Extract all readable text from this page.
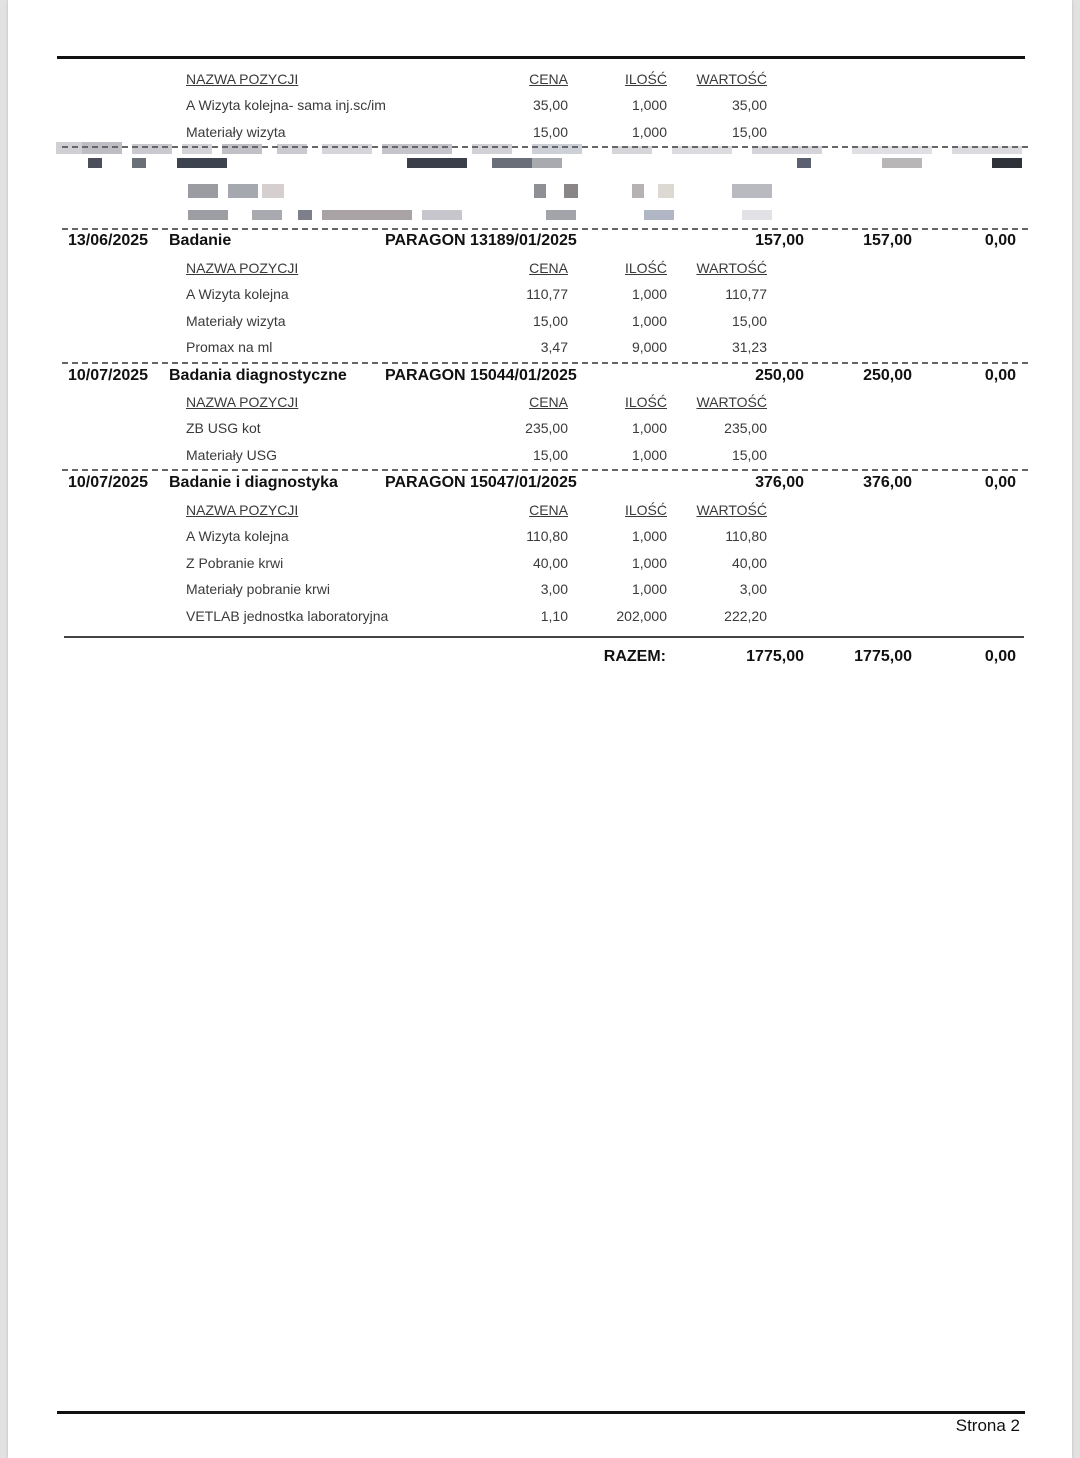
NAZWA POZYCJI	CENA	ILOŚĆ	WARTOŚĆ
A Wizyta kolejna- sama inj.sc/im	35,00	1,000	35,00
Materiały wizyta	15,00	1,000	15,00
13/06/2025 Badanie	PARAGON 13189/01/2025	157,00	157,00	0,00
NAZWA POZYCJI	CENA	ILOŚĆ	WARTOŚĆ
A Wizyta kolejna	110,77	1,000	110,77
Materiały wizyta	15,00	1,000	15,00
Promax na ml	3,47	9,000	31,23
10/07/2025 Badania diagnostyczne PARAGON 15044/01/2025	250,00	250,00	0,00
NAZWA POZYCJI	CENA	ILOŚĆ	WARTOŚĆ
ZB USG kot	235,00	1,000	235,00
Materiały USG	15,00	1,000	15,00
10/07/2025 Badanie i diagnostyka	PARAGON 15047/01/2025	376,00	376,00	0,00
NAZWA POZYCJI	CENA	ILOŚĆ	WARTOŚĆ
A Wizyta kolejna	110,80	1,000	110,80
Z Pobranie krwi	40,00	1,000	40,00
Materiały pobranie krwi	3,00	1,000	3,00
VETLAB jednostka laboratoryjna	1,10	202,000	222,20
RAZEM:	1775,00	1775,00	0,00
Strona 2
